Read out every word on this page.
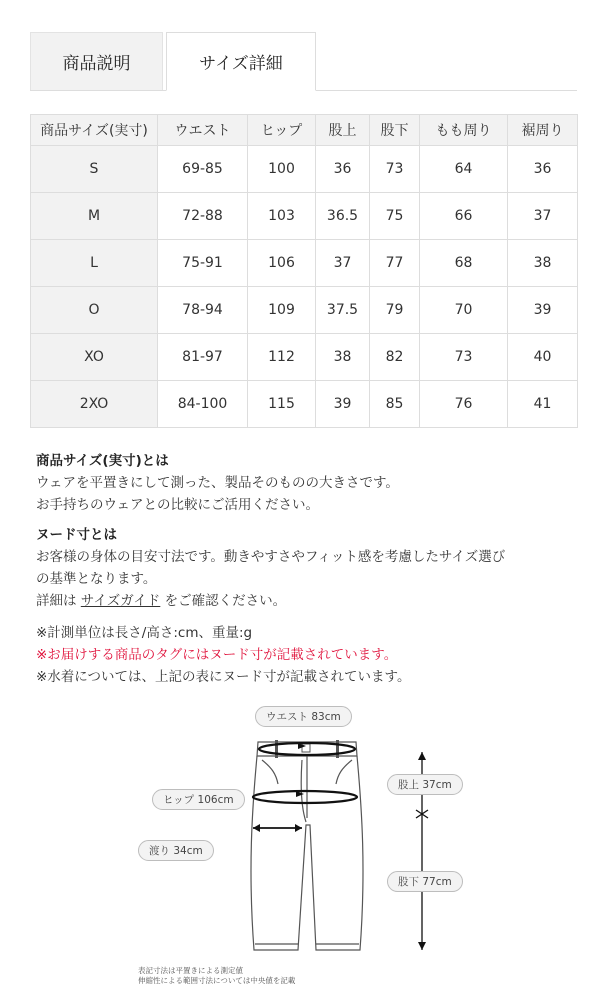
商品説明	サイズ詳細
商品サイズ(実寸)	ウエスト	ヒップ	股上	股下	もも周り	裾周り
S	69-85	100	36	73	64	36
M	72-88	103	36.5	75	66	37
L	75-91	106	37	77	68	38
O	78-94	109	37.5	79	70	39
XO	81-97	112	38	82	73	40
2XO	84-100	115	39	85	76	41
商品サイズ(実寸)とは
ウェアを平置きにして測った、製品そのものの大きさです。
お手持ちのウェアとの比較にご活用ください。
ヌード寸とは
お客様の身体の目安寸法です。動きやすさやフィット感を考慮したサイズ選び
の基準となります。
詳細は サイズガイド をご確認ください。
※計測単位は長さ/高さ:cm、重量:g
※お届けする商品のタグにはヌード寸が記載されています。
※水着については、上記の表にヌード寸が記載されています。
ウエスト 83cm
ヒップ 106cm
渡り 34cm
股上 37cm
股下 77cm
表記寸法は平置きによる測定値
伸縮性による範囲寸法については中央値を記載
